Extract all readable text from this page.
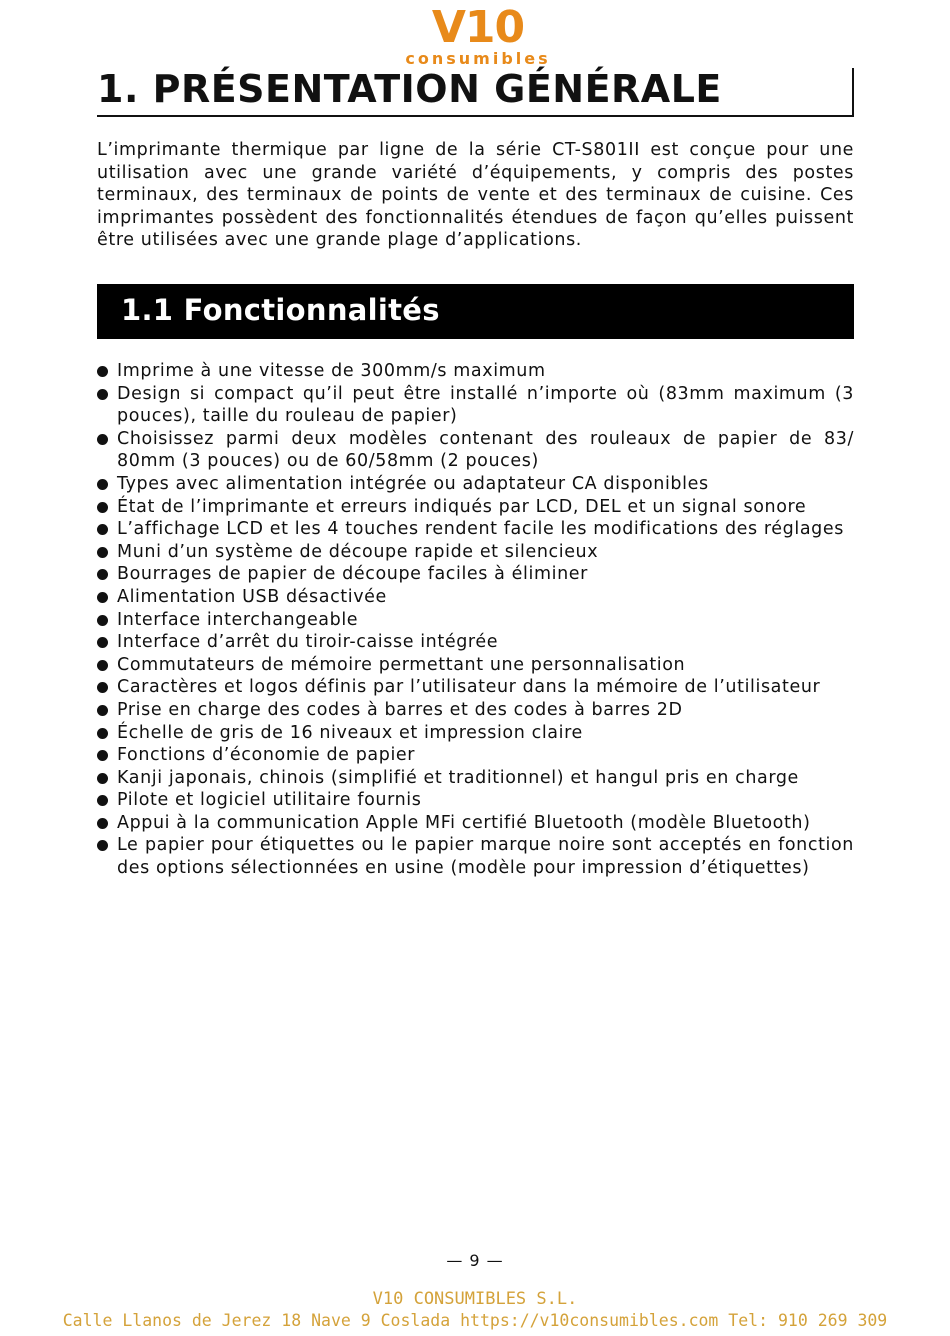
V10
consumibles
1. PRÉSENTATION GÉNÉRALE

L’imprimante thermique par ligne de la série CT-S801II est conçue pour une utilisation avec une grande variété d’équipements, y compris des postes terminaux, des terminaux de points de vente et des terminaux de cuisine. Ces imprimantes possèdent des fonctionnalités étendues de façon qu’elles puissent être utilisées avec une grande plage d’applications.

1.1 Fonctionnalités
Imprime à une vitesse de 300mm/s maximum
Design si compact qu’il peut être installé n’importe où (83mm maximum (3 pouces), taille du rouleau de papier)
Choisissez parmi deux modèles contenant des rouleaux de papier de 83/ 80mm (3 pouces) ou de 60/58mm (2 pouces)
Types avec alimentation intégrée ou adaptateur CA disponibles
État de l’imprimante et erreurs indiqués par LCD, DEL et un signal sonore
L’affichage LCD et les 4 touches rendent facile les modifications des réglages
Muni d’un système de découpe rapide et silencieux
Bourrages de papier de découpe faciles à éliminer
Alimentation USB désactivée
Interface interchangeable
Interface d’arrêt du tiroir-caisse intégrée
Commutateurs de mémoire permettant une personnalisation
Caractères et logos définis par l’utilisateur dans la mémoire de l’utilisateur
Prise en charge des codes à barres et des codes à barres 2D
Échelle de gris de 16 niveaux et impression claire
Fonctions d’économie de papier
Kanji japonais, chinois (simplifié et traditionnel) et hangul pris en charge
Pilote et logiciel utilitaire fournis
Appui à la communication Apple MFi certifié Bluetooth (modèle Bluetooth)
Le papier pour étiquettes ou le papier marque noire sont acceptés en fonction des options sélectionnées en usine (modèle pour impression d’étiquettes)
— 9 —
V10 CONSUMIBLES S.L.
Calle Llanos de Jerez 18 Nave 9 Coslada https://v10consumibles.com Tel: 910 269 309
